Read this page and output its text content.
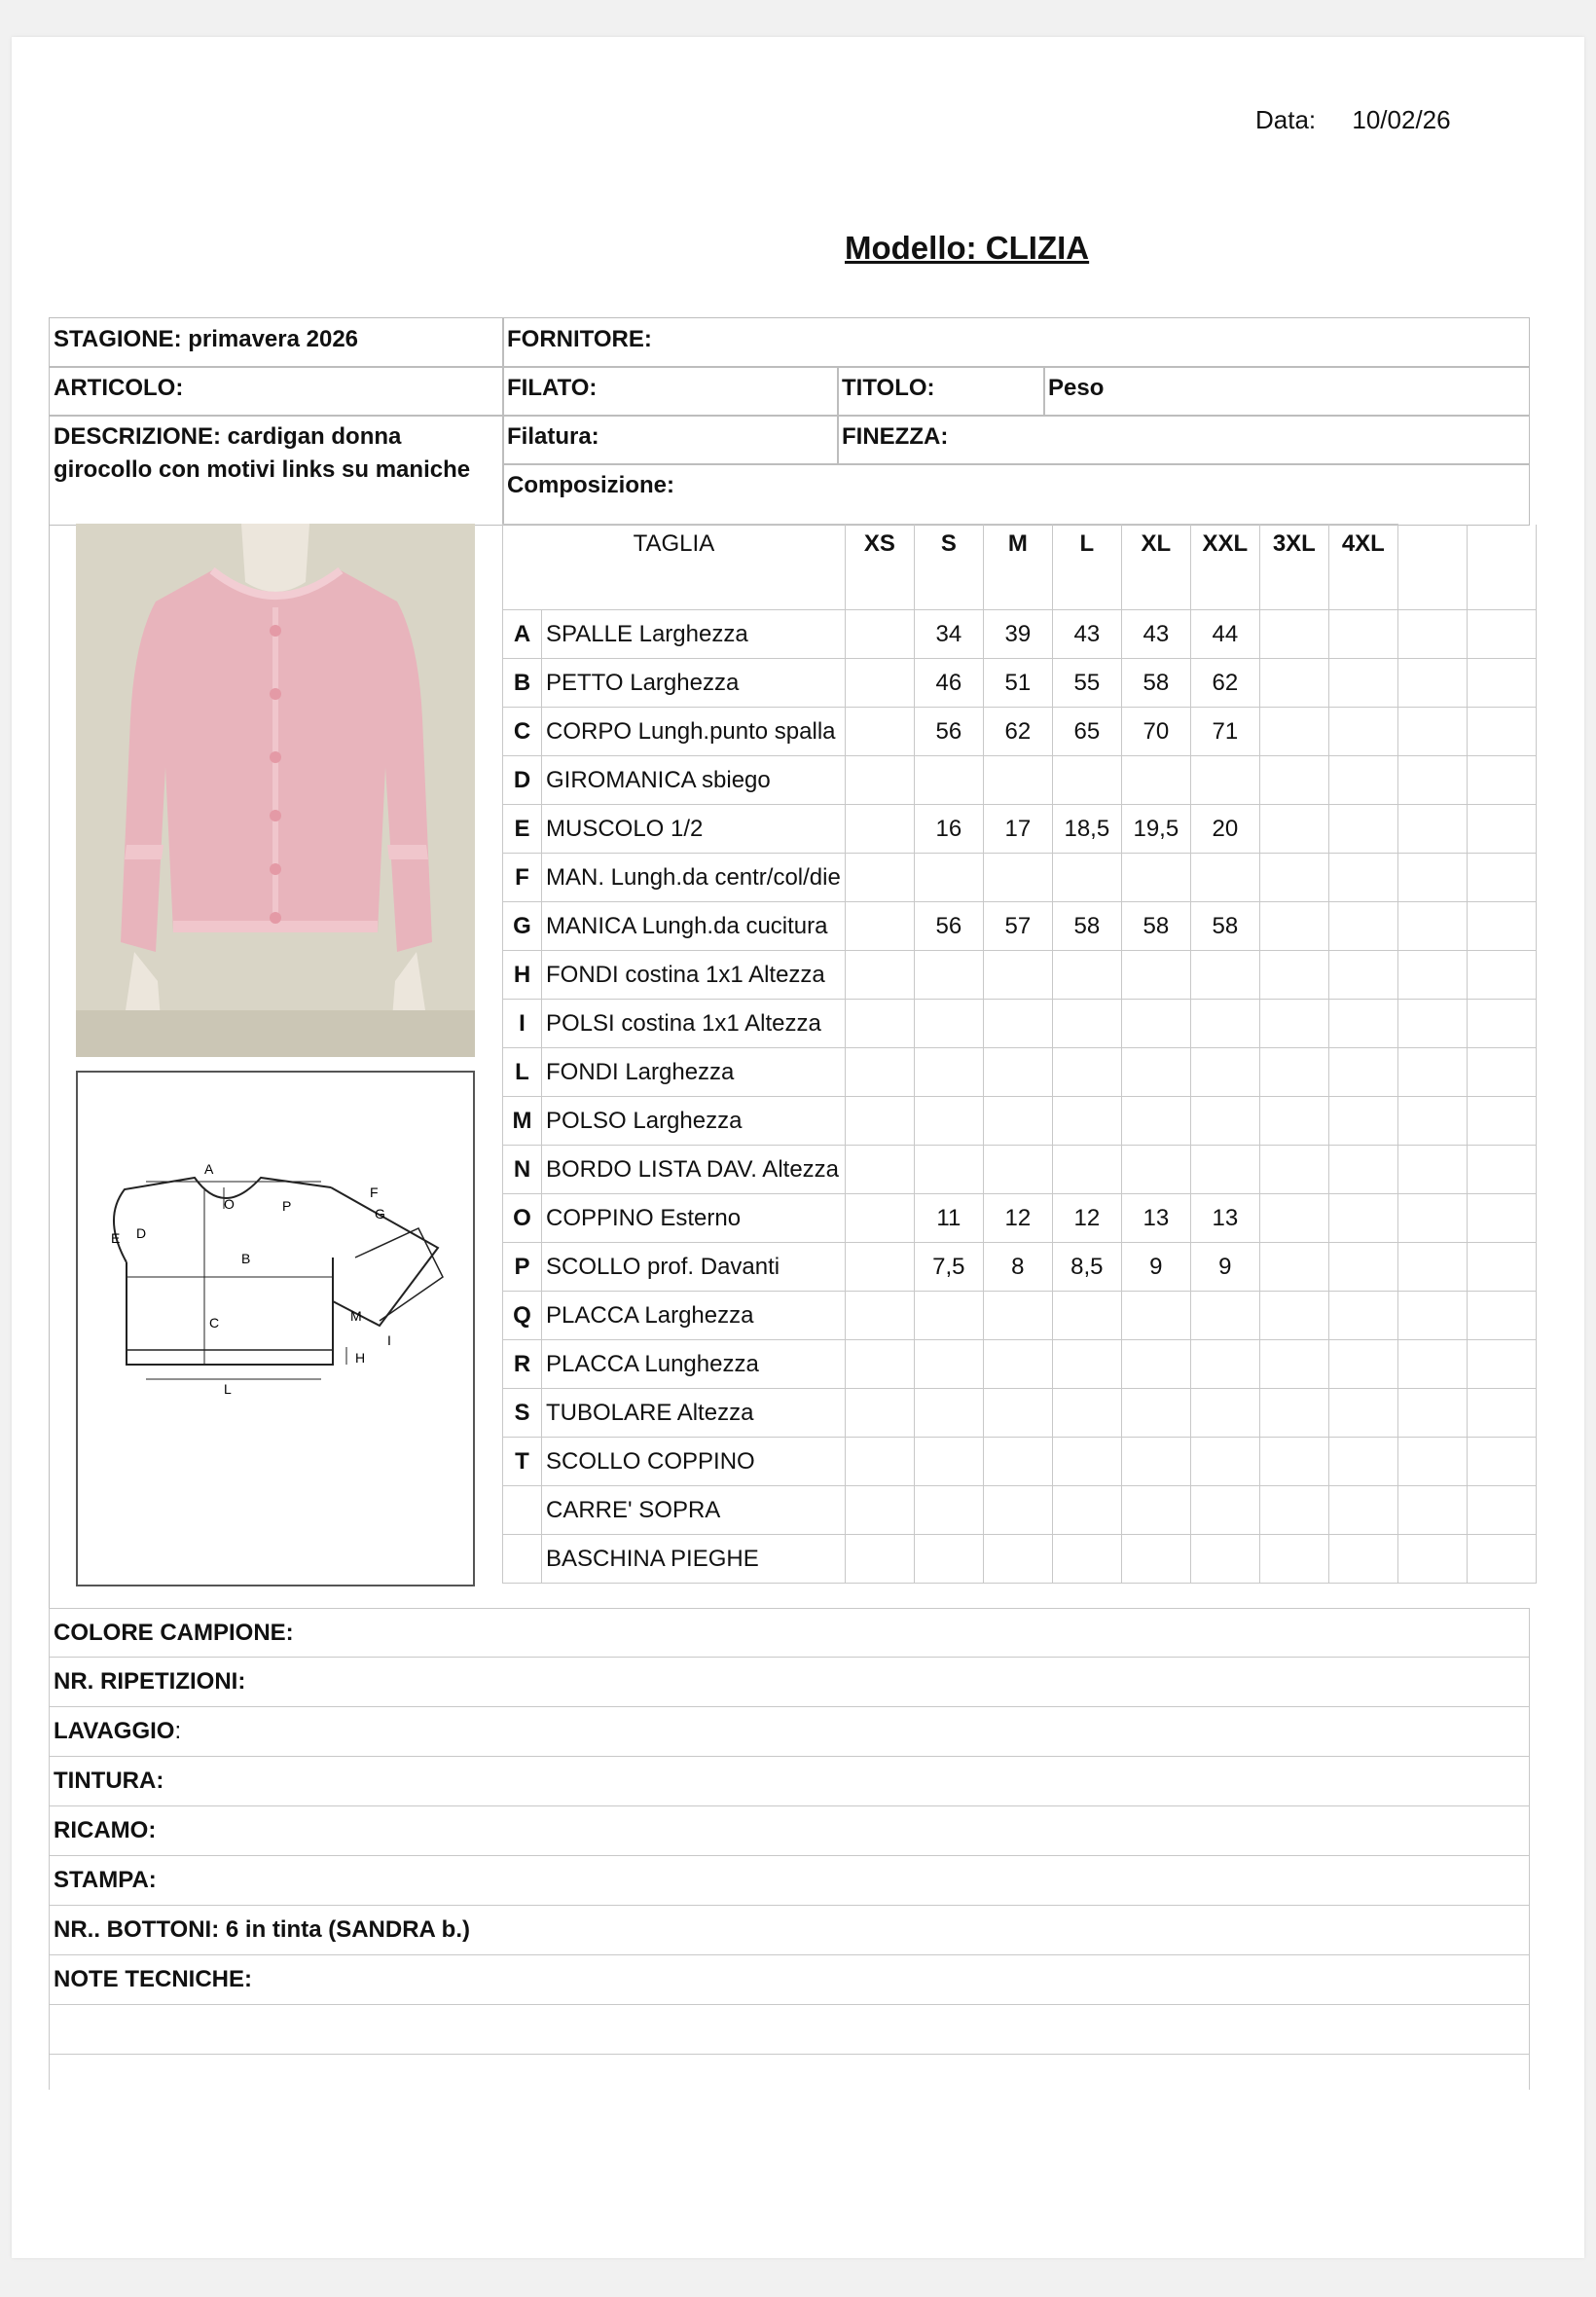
Data: 10/02/26
Modello: CLIZIA
STAGIONE: primavera 2026	FORNITORE:
ARTICOLO:	FILATO:	TITOLO:	Peso
DESCRIZIONE: cardigan donna girocollo con motivi links su maniche
Filatura:	FINEZZA:
Composizione:
A
B
C
D
E
F
G
H
I
L
M
O	P
TAGLIA		XS	S	M	L	XL	XXL	3XL	4XL		
A	SPALLE Larghezza		34	39	43	43	44				
B	PETTO Larghezza		46	51	55	58	62				
C	CORPO Lungh.punto spalla		56	62	65	70	71				
D	GIROMANICA sbiego										
E	MUSCOLO 1/2		16	17	18,5	19,5	20				
F	MAN. Lungh.da centr/col/die										
G	MANICA Lungh.da cucitura		56	57	58	58	58				
H	FONDI costina 1x1 Altezza										
I	POLSI costina 1x1 Altezza										
L	FONDI Larghezza										
M	POLSO Larghezza										
N	BORDO LISTA DAV. Altezza										
O	COPPINO Esterno		11	12	12	13	13				
P	SCOLLO prof. Davanti		7,5	8	8,5	9	9				
Q	PLACCA Larghezza										
R	PLACCA Lunghezza										
S	TUBOLARE Altezza										
T	SCOLLO COPPINO										
	CARRE' SOPRA										
	BASCHINA PIEGHE										
COLORE CAMPIONE:
NR. RIPETIZIONI:
LAVAGGIO:
TINTURA:
RICAMO:
STAMPA:
NR.. BOTTONI: 6 in tinta (SANDRA b.)
NOTE TECNICHE:
